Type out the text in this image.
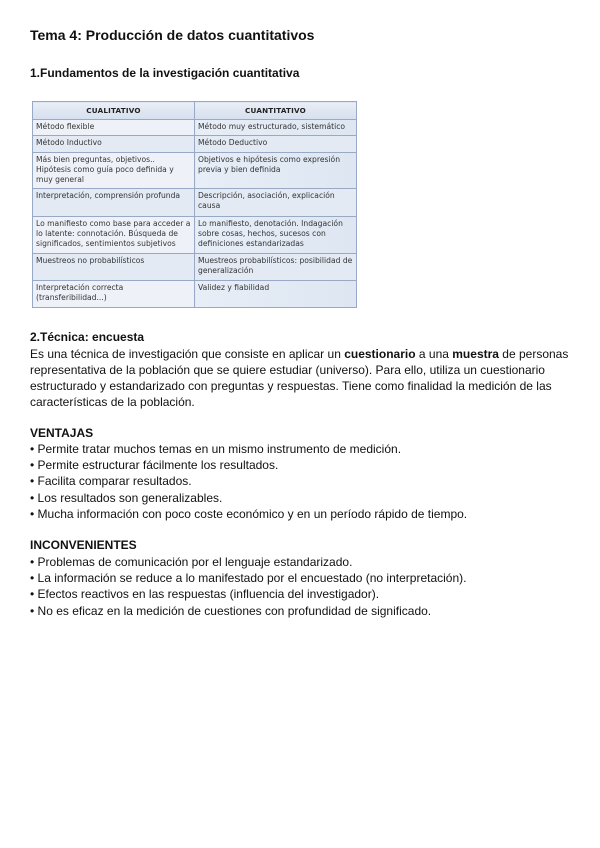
Tema 4: Producción de datos cuantitativos
1.Fundamentos de la investigación cuantitativa
CUALITATIVO	CUANTITATIVO
Método flexible	Método muy estructurado, sistemático
Método Inductivo	Método Deductivo
Más bien preguntas, objetivos.. Hipótesis como guía poco definida y muy general	Objetivos e hipótesis como expresión previa y bien definida
Interpretación, comprensión profunda	Descripción, asociación, explicación causa
Lo manifiesto como base para acceder a lo latente: connotación. Búsqueda de significados, sentimientos subjetivos	Lo manifiesto, denotación. Indagación sobre cosas, hechos, sucesos con definiciones estandarizadas
Muestreos no probabilísticos	Muestreos probabilísticos: posibilidad de generalización
Interpretación correcta (transferibilidad...)	Validez y fiabilidad
2.Técnica: encuesta
Es una técnica de investigación que consiste en aplicar un cuestionario a una muestra de personas representativa de la población que se quiere estudiar (universo). Para ello, utiliza un cuestionario estructurado y estandarizado con preguntas y respuestas. Tiene como finalidad la medición de las características de la población.
VENTAJAS
• Permite tratar muchos temas en un mismo instrumento de medición.
• Permite estructurar fácilmente los resultados.
• Facilita comparar resultados.
• Los resultados son generalizables.
• Mucha información con poco coste económico y en un período rápido de tiempo.
INCONVENIENTES
• Problemas de comunicación por el lenguaje estandarizado.
• La información se reduce a lo manifestado por el encuestado (no interpretación).
• Efectos reactivos en las respuestas (influencia del investigador).
• No es eficaz en la medición de cuestiones con profundidad de significado.
